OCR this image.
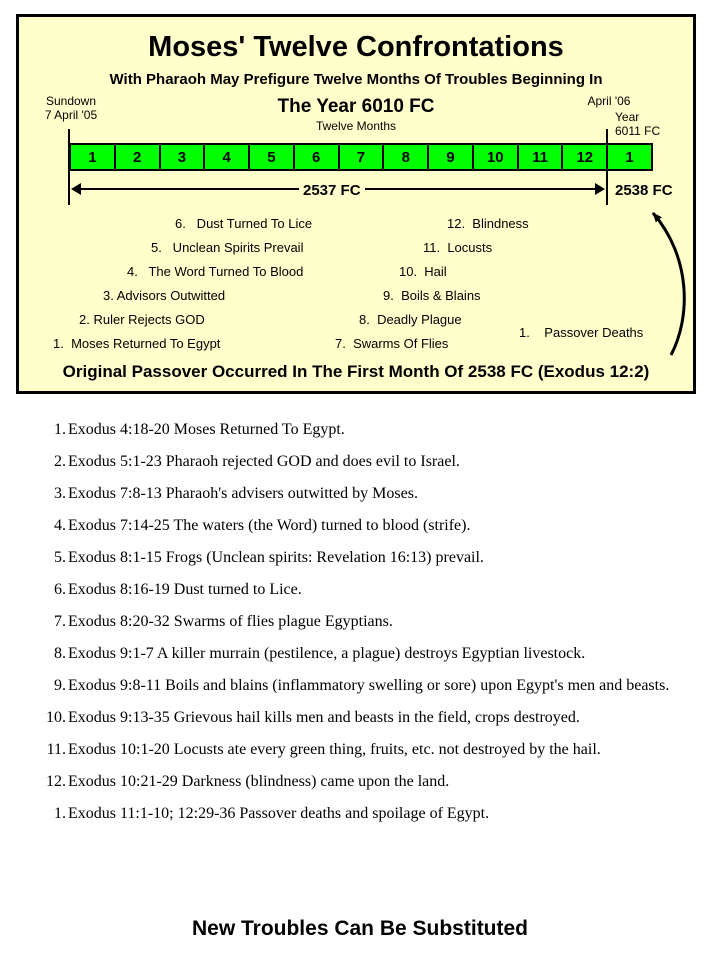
Moses' Twelve Confrontations
With Pharaoh May Prefigure Twelve Months Of Troubles Beginning In
The Year 6010 FC
Twelve Months
Sundown
7 April '05
April '06
Year
6011 FC
1	2	3	4	5	6	7	8	9	10	11	12	1
2537 FC	2538 FC
1.  Moses Returned To Egypt
2. Ruler Rejects GOD
3. Advisors Outwitted
4.   The Word Turned To Blood
5.   Unclean Spirits Prevail
6.   Dust Turned To Lice
7.  Swarms Of Flies
8.  Deadly Plague
9.  Boils & Blains
10.  Hail
11.  Locusts
12.  Blindness
1.    Passover Deaths
Original Passover Occurred In The First Month Of 2538 FC (Exodus 12:2)
1. Exodus 4:18-20 Moses Returned To Egypt.
2. Exodus 5:1-23 Pharaoh rejected GOD and does evil to Israel.
3. Exodus 7:8-13 Pharaoh's advisers outwitted by Moses.
4. Exodus 7:14-25 The waters (the Word) turned to blood (strife).
5. Exodus 8:1-15 Frogs (Unclean spirits: Revelation 16:13) prevail.
6. Exodus 8:16-19 Dust turned to Lice.
7. Exodus 8:20-32 Swarms of flies plague Egyptians.
8. Exodus 9:1-7 A killer murrain (pestilence, a plague) destroys Egyptian livestock.
9. Exodus 9:8-11 Boils and blains (inflammatory swelling or sore) upon Egypt's men and beasts.
10. Exodus 9:13-35 Grievous hail kills men and beasts in the field, crops destroyed.
11. Exodus 10:1-20 Locusts ate every green thing, fruits, etc. not destroyed by the hail.
12. Exodus 10:21-29 Darkness (blindness) came upon the land.
1. Exodus 11:1-10; 12:29-36 Passover deaths and spoilage of Egypt.
New Troubles Can Be Substituted
